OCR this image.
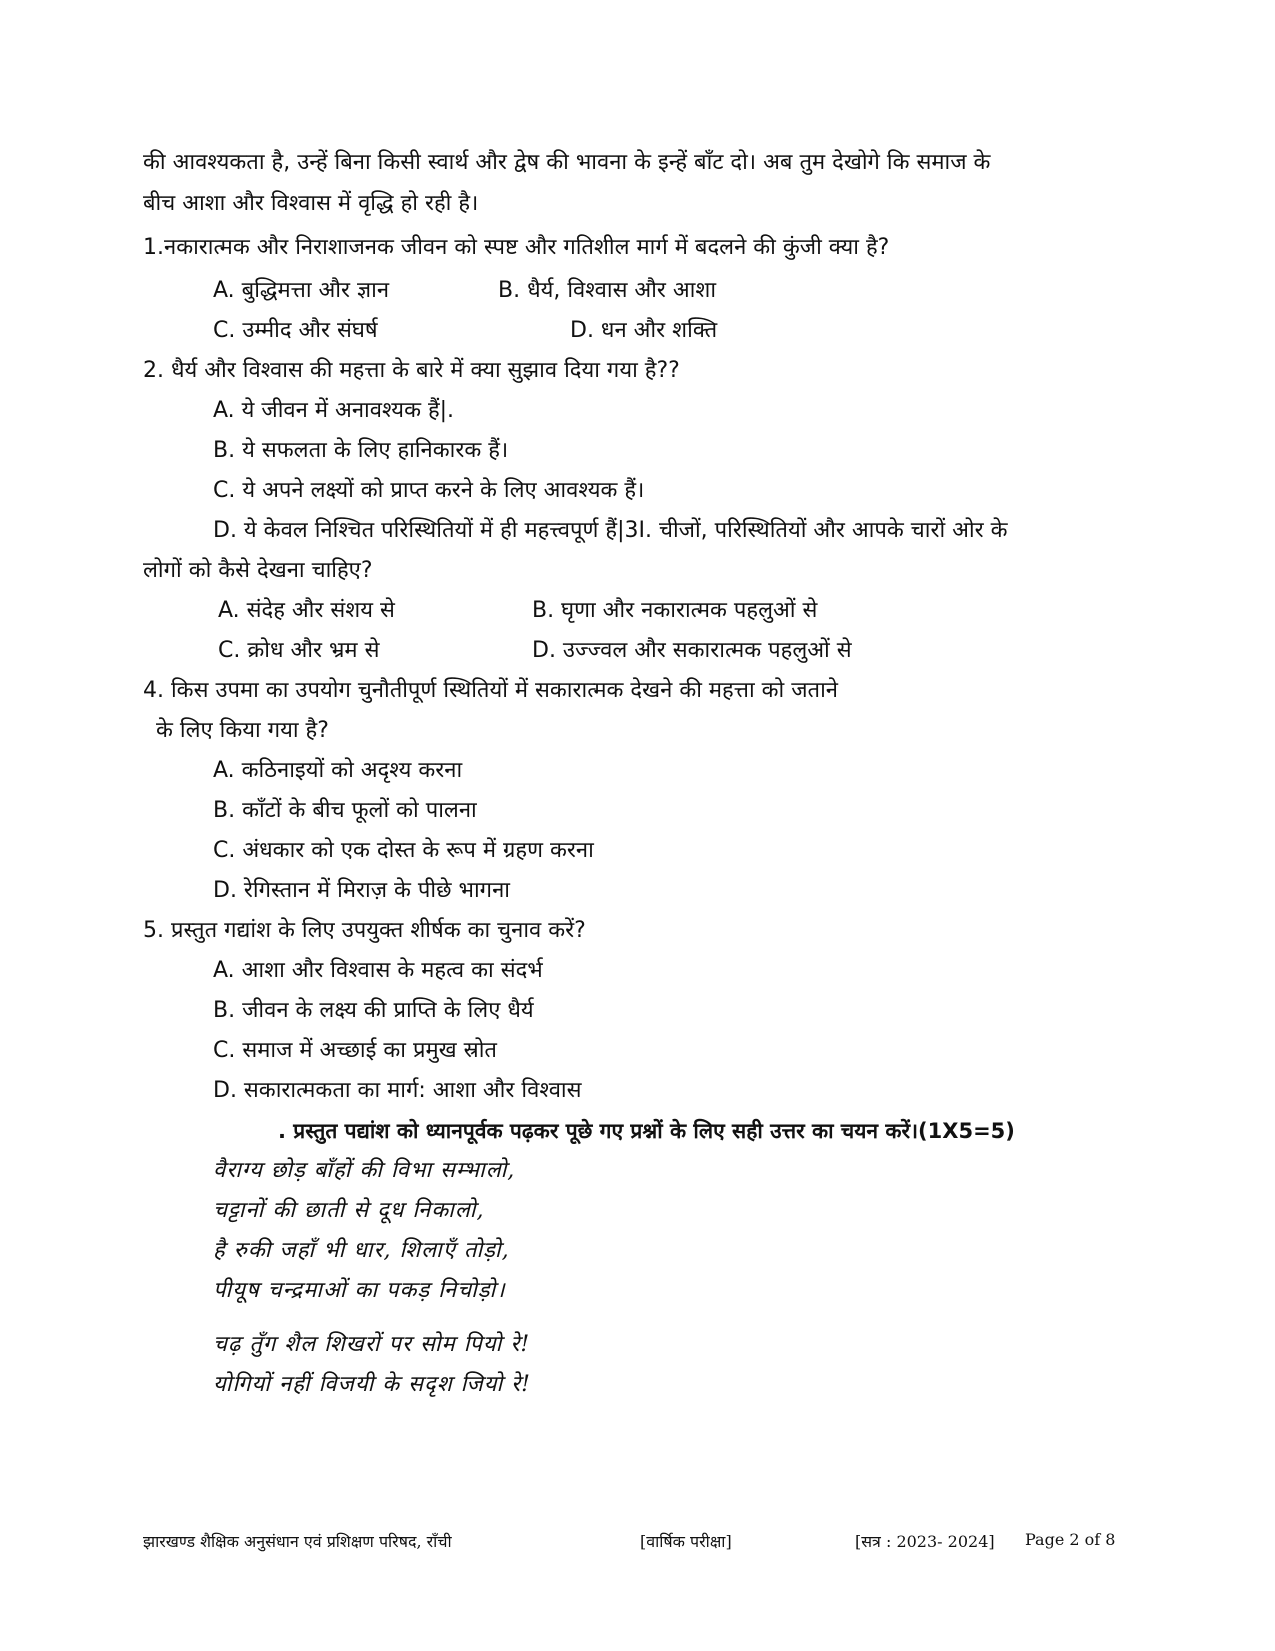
की आवश्यकता है, उन्हें बिना किसी स्वार्थ और द्वेष की भावना के इन्हें बाँट दो। अब तुम देखोगे कि समाज के
बीच आशा और विश्वास में वृद्धि हो रही है।
1.नकारात्मक और निराशाजनक जीवन को स्पष्ट और गतिशील मार्ग में बदलने की कुंजी क्या है?
A. बुद्धिमत्ता और ज्ञान	B. धैर्य, विश्वास और आशा
C. उम्मीद और संघर्ष	D. धन और शक्ति
2. धैर्य और विश्वास की महत्ता के बारे में क्या सुझाव दिया गया है??
A. ये जीवन में अनावश्यक हैं|.
B. ये सफलता के लिए हानिकारक हैं।
C. ये अपने लक्ष्यों को प्राप्त करने के लिए आवश्यक हैं।
D. ये केवल निश्चित परिस्थितियों में ही महत्त्वपूर्ण हैं|3I. चीजों, परिस्थितियों और आपके चारों ओर के
लोगों को कैसे देखना चाहिए?
A. संदेह और संशय से	B. घृणा और नकारात्मक पहलुओं से
C. क्रोध और भ्रम से	D. उज्ज्वल और सकारात्मक पहलुओं से
4. किस उपमा का उपयोग चुनौतीपूर्ण स्थितियों में सकारात्मक देखने की महत्ता को जताने
के लिए किया गया है?
A. कठिनाइयों को अदृश्य करना
B. काँटों के बीच फूलों को पालना
C. अंधकार को एक दोस्त के रूप में ग्रहण करना
D. रेगिस्तान में मिराज़ के पीछे भागना
5. प्रस्तुत गद्यांश के लिए उपयुक्त शीर्षक का चुनाव करें?
A. आशा और विश्वास के महत्व का संदर्भ
B. जीवन के लक्ष्य की प्राप्ति के लिए धैर्य
C. समाज में अच्छाई का प्रमुख स्रोत
D. सकारात्मकता का मार्ग: आशा और विश्वास
. प्रस्तुत पद्यांश को ध्यानपूर्वक पढ़कर पूछे गए प्रश्नों के लिए सही उत्तर का चयन करें।(1X5=5)
वैराग्य छोड़ बाँहों की विभा सम्भालो,
चट्टानों की छाती से दूध निकालो,
है रुकी जहाँ भी धार, शिलाएँ तोड़ो,
पीयूष चन्द्रमाओं का पकड़ निचोड़ो।
चढ़ तुँग शैल शिखरों पर सोम पियो रे!
योगियों नहीं विजयी के सदृश जियो रे!
झारखण्ड शैक्षिक अनुसंधान एवं प्रशिक्षण परिषद, राँची	[वार्षिक परीक्षा]	[सत्र : 2023- 2024] Page 2 of 8
